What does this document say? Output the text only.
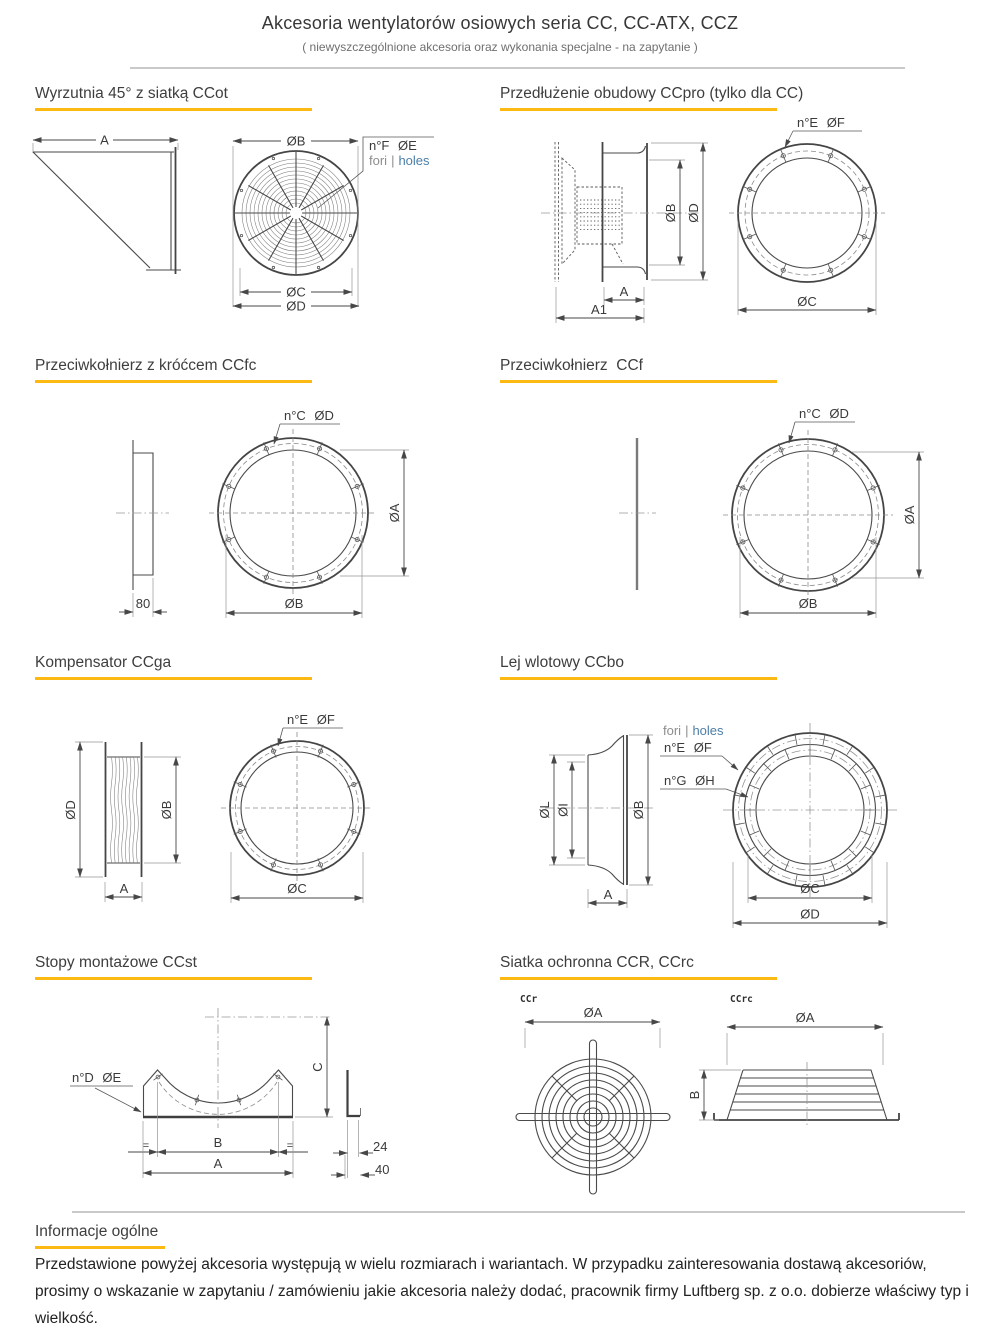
Akcesoria wentylatorów osiowych seria CC, CC-ATX, CCZ

( niewyszczególnione akcesoria oraz wykonania specjalne - na zapytanie )

Wyrzutnia 45° z siatką CCot	Przedłużenie obudowy CCpro (tylko dla CC)
Przeciwkołnierz z króćcem CCfc	Przeciwkołnierz  CCf
Kompensator CCga	Lej wlotowy CCbo
Stopy montażowe CCst	Siatka ochronna CCR, CCrc
A	ØB
ØC
ØD
n°F ØE
fori | holes
ØB ØD
A
A1
n°E ØF
ØC
80
n°C ØD
ØA
ØB
n°C ØD
ØA
ØB
ØD	ØB
A
n°E ØF
ØC
ØL ØI	ØB
A
fori | holes
n°E ØF
n°G ØH
ØC
ØD
n°D ØE
C
B
=	=
A
24
40
CCr	CCrc
ØA	ØA
B
Informacje ogólne

Przedstawione powyżej akcesoria występują w wielu rozmiarach i wariantach. W przypadku zainteresowania dostawą akcesoriów, prosimy o wskazanie w zapytaniu / zamówieniu jakie akcesoria należy dodać, pracownik firmy Luftberg sp. z o.o. dobierze właściwy typ i wielkość.
